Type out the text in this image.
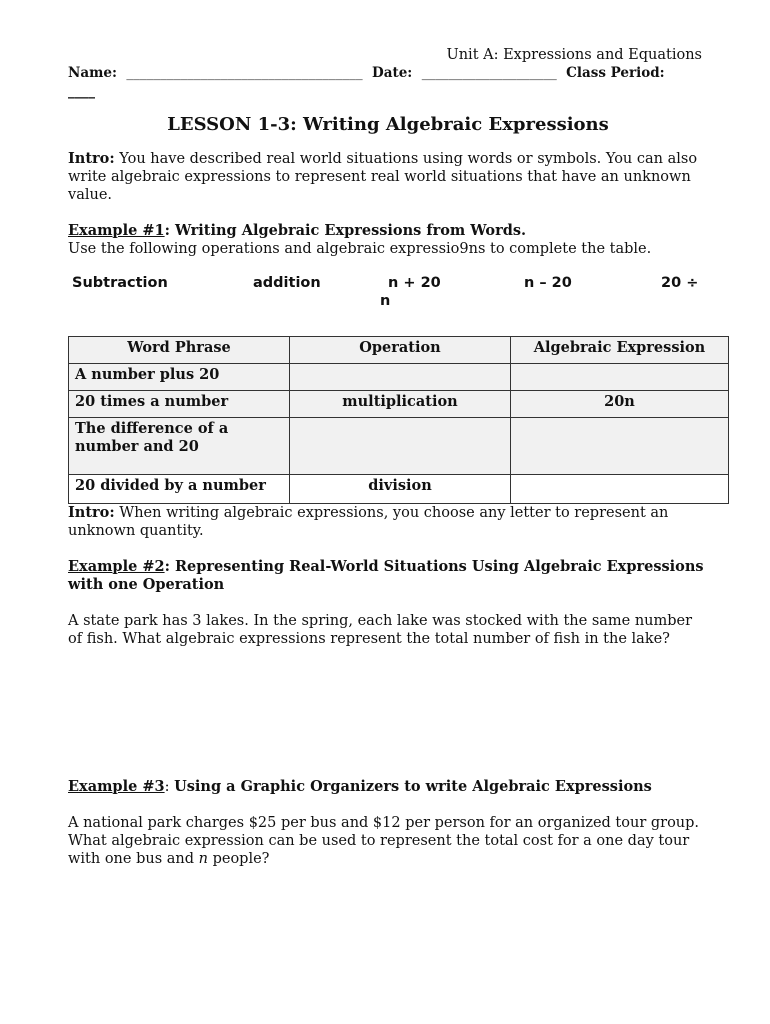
Unit A: Expressions and Equations
Name: ___________________________________ Date: ____________________ Class Period:
____
LESSON 1-3: Writing Algebraic Expressions

Intro: You have described real world situations using words or symbols. You can also write algebraic expressions to represent real world situations that have an unknown value.

Example #1: Writing Algebraic Expressions from Words.

Use the following operations and algebraic expressio9ns to complete the table.

Subtraction	addition	n + 20	n – 20	20 ÷
n
Word Phrase	Operation	Algebraic Expression
A number plus 20		
20 times a number	multiplication	20n
The difference of a number and 20		
20 divided by a number	division	

Intro: When writing algebraic expressions, you choose any letter to represent an unknown quantity.

Example #2: Representing Real-World Situations Using Algebraic Expressions with one Operation

A state park has 3 lakes. In the spring, each lake was stocked with the same number of fish. What algebraic expressions represent the total number of fish in the lake?

Example #3: Using a Graphic Organizers to write Algebraic Expressions

A national park charges $25 per bus and $12 per person for an organized tour group. What algebraic expression can be used to represent the total cost for a one day tour with one bus and n people?
